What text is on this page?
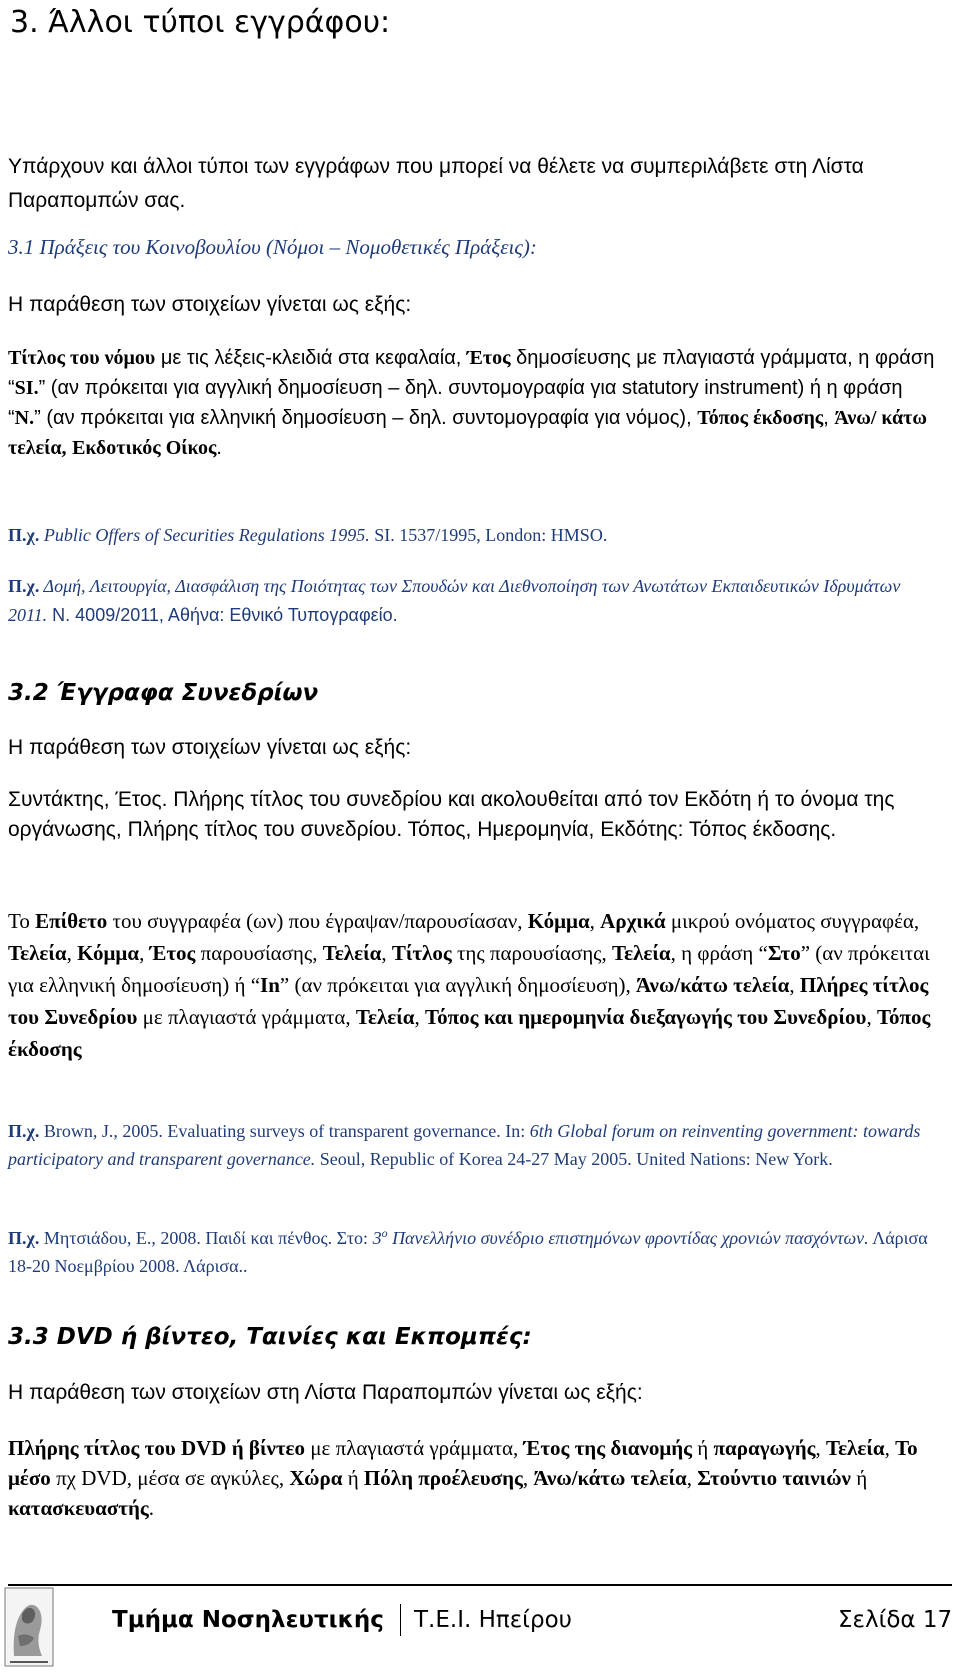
3. Άλλοι τύποι εγγράφου:

Υπάρχουν και άλλοι τύποι των εγγράφων που μπορεί να θέλετε να συμπεριλάβετε στη Λίστα Παραπομπών σας.

3.1 Πράξεις του Κοινοβουλίου (Νόμοι – Νομοθετικές Πράξεις):

Η παράθεση των στοιχείων γίνεται ως εξής:

Τίτλος του νόμου με τις λέξεις-κλειδιά στα κεφαλαία, Έτος δημοσίευσης με πλαγιαστά γράμματα, η φράση “SI.” (αν πρόκειται για αγγλική δημοσίευση – δηλ. συντομογραφία για statutory instrument) ή η φράση “N.” (αν πρόκειται για ελληνική δημοσίευση – δηλ. συντομογραφία για νόμος), Τόπος έκδοσης, Άνω/ κάτω τελεία, Εκδοτικός Οίκος.

Π.χ. Public Offers of Securities Regulations 1995. SI. 1537/1995, London: HMSO.

Π.χ. Δομή, Λειτουργία, Διασφάλιση της Ποιότητας των Σπουδών και Διεθνοποίηση των Ανωτάτων Εκπαιδευτικών Ιδρυμάτων 2011. Ν. 4009/2011, Αθήνα: Εθνικό Τυπογραφείο.

3.2 Έγγραφα Συνεδρίων

Η παράθεση των στοιχείων γίνεται ως εξής:

Συντάκτης, Έτος. Πλήρης τίτλος του συνεδρίου και ακολουθείται από τον Εκδότη ή το όνομα της οργάνωσης, Πλήρης τίτλος του συνεδρίου. Τόπος, Ημερομηνία, Εκδότης: Τόπος έκδοσης.

Το Επίθετο του συγγραφέα (ων) που έγραψαν/παρουσίασαν, Κόμμα, Αρχικά μικρού ονόματος συγγραφέα, Τελεία, Κόμμα, Έτος παρουσίασης, Τελεία, Τίτλος της παρουσίασης, Τελεία, η φράση “Στο” (αν πρόκειται για ελληνική δημοσίευση) ή “In” (αν πρόκειται για αγγλική δημοσίευση), Άνω/κάτω τελεία, Πλήρες τίτλος του Συνεδρίου με πλαγιαστά γράμματα, Τελεία, Τόπος και ημερομηνία διεξαγωγής του Συνεδρίου, Τόπος έκδοσης

Π.χ. Brown, J., 2005. Evaluating surveys of transparent governance. In: 6th Global forum on reinventing government: towards participatory and transparent governance. Seoul, Republic of Korea 24-27 May 2005. United Nations: New York.

Π.χ. Μητσιάδου, Ε., 2008. Παιδί και πένθος. Στο: $3^o$ Πανελλήνιο συνέδριο επιστημόνων φροντίδας χρονιών πασχόντων. Λάρισα 18-20 Νοεμβρίου 2008. Λάρισα..

3.3 DVD ή βίντεο, Ταινίες και Εκπομπές:

Η παράθεση των στοιχείων στη Λίστα Παραπομπών γίνεται ως εξής:

Πλήρης τίτλος του DVD ή βίντεο με πλαγιαστά γράμματα, Έτος της διανομής ή παραγωγής, Τελεία, Το μέσο πχ DVD, μέσα σε αγκύλες, Χώρα ή Πόλη προέλευσης, Άνω/κάτω τελεία, Στούντιο ταινιών ή κατασκευαστής.

Τμήμα Νοσηλευτικής Τ.Ε.Ι. Ηπείρου	Σελίδα 17
